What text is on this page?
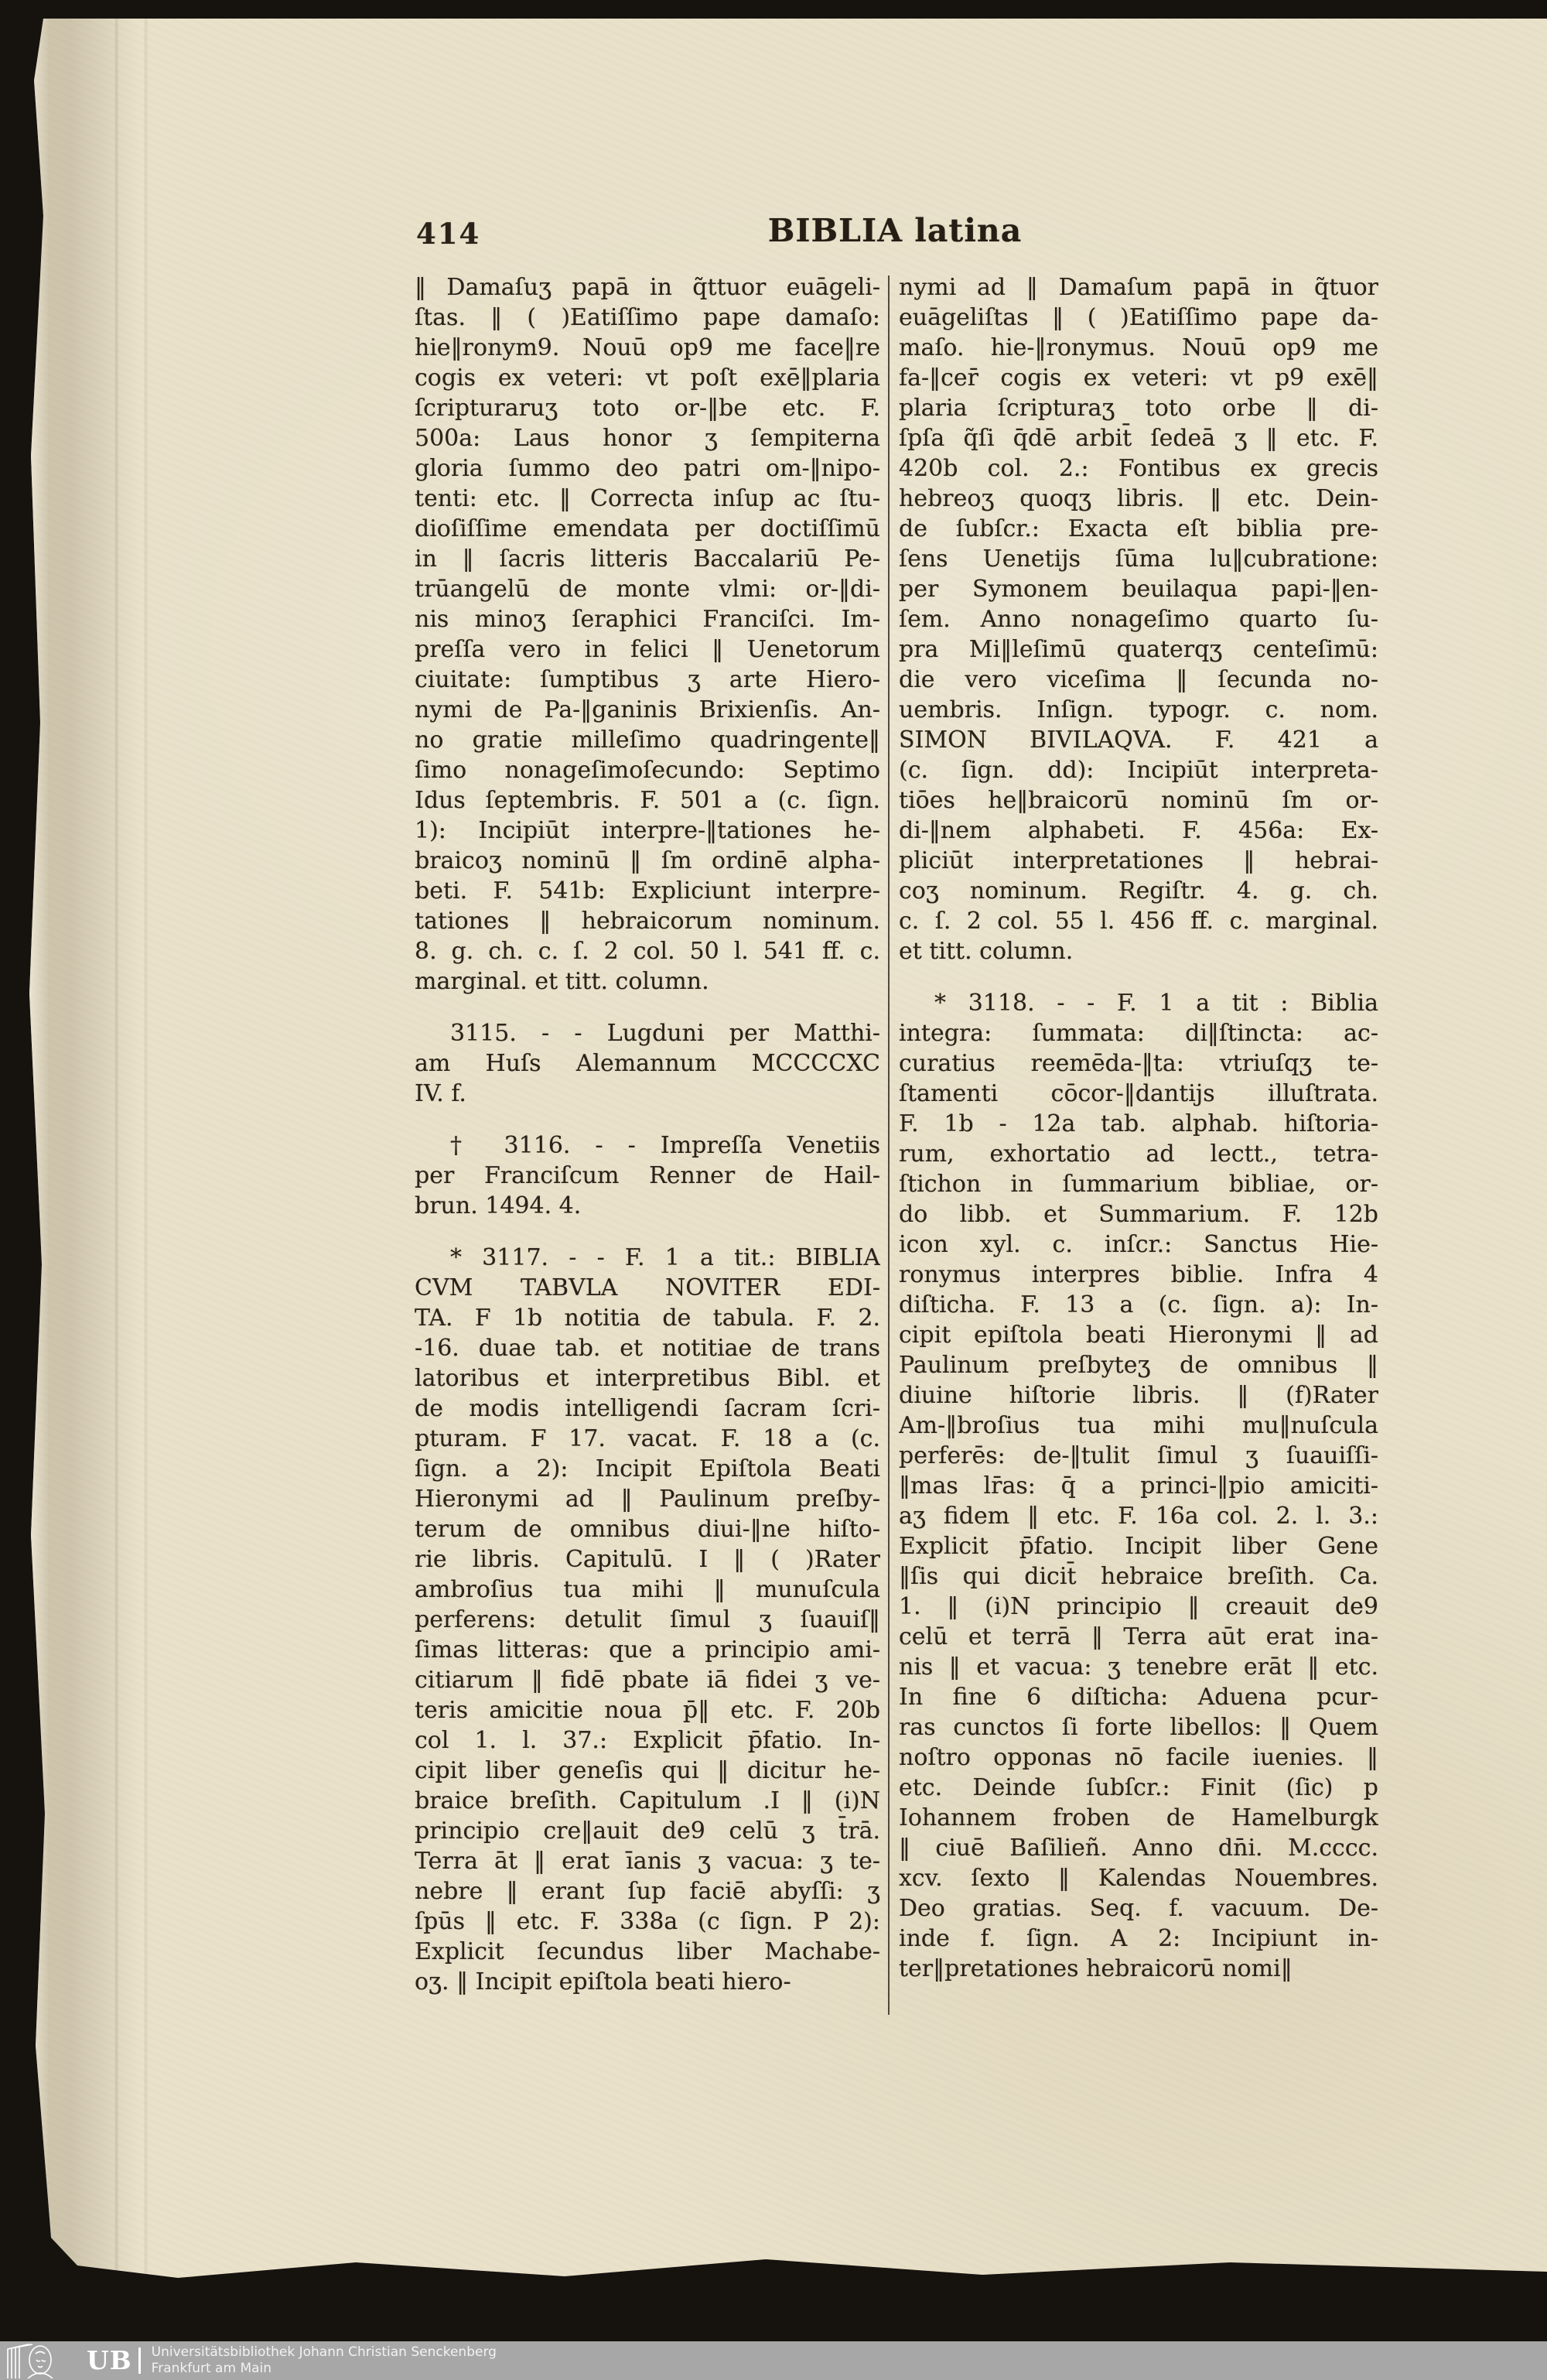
414	BIBLIA latina
‖ Damaſuʒ papā in q̃ttuor euāgeli-
ſtas. ‖ ( )Eatiſſimo pape damaſo:
hie‖ronym9. Nouū op9 me face‖re
cogis ex veteri: vt poſt exē‖plaria
ſcripturaruʒ toto or-‖be etc. F.
500a: Laus honor ʒ ſempiterna
gloria ſummo deo patri om-‖nipo-
tenti: etc. ‖ Correcta inſup ac ſtu-
dioſiſſime emendata per doctiſſimū
in ‖ ſacris litteris Baccalariū Pe-
trūangelū de monte vlmi: or-‖di-
nis minoʒ ſeraphici Franciſci. Im-
preſſa vero in felici ‖ Uenetorum
ciuitate: ſumptibus ʒ arte Hiero-
nymi de Pa-‖ganinis Brixienſis. An-
no gratie milleſimo quadringente‖
ſimo nonageſimoſecundo: Septimo
Idus ſeptembris. F. 501 a (c. ſign.
1): Incipiūt interpre-‖tationes he-
braicoʒ nominū ‖ ſm ordinē alpha-
beti. F. 541b: Expliciunt interpre-
tationes ‖ hebraicorum nominum.
8. g. ch. c. ſ. 2 col. 50 l. 541 ff. c.
marginal. et titt. column.
3115. - - Lugduni per Matthi-
am Huſs Alemannum MCCCCXC
IV. f.
† 3116. - - Impreſſa Venetiis
per Franciſcum Renner de Hail-
brun. 1494. 4.
* 3117. - - F. 1 a tit.: BIBLIA
CVM TABVLA NOVITER EDI-
TA. F 1b notitia de tabula. F. 2.
-16. duae tab. et notitiae de trans
latoribus et interpretibus Bibl. et
de modis intelligendi ſacram ſcri-
pturam. F 17. vacat. F. 18 a (c.
ſign. a 2): Incipit Epiſtola Beati
Hieronymi ad ‖ Paulinum preſby-
terum de omnibus diui-‖ne hiſto-
rie libris. Capitulū. I ‖ ( )Rater
ambroſius tua mihi ‖ munuſcula
perferens: detulit ſimul ʒ ſuauiſ‖
ſimas litteras: que a principio ami-
citiarum ‖ fidē pbate iā fidei ʒ ve-
teris amicitie noua p̄‖ etc. F. 20b
col 1. l. 37.: Explicit p̄fatio. In-
cipit liber geneſis qui ‖ dicitur he-
braice breſith. Capitulum .I ‖ (i)N
principio cre‖auit de9 celū ʒ t̄rā.
Terra āt ‖ erat īanis ʒ vacua: ʒ te-
nebre ‖ erant ſup faciē abyſſi: ʒ
ſpūs ‖ etc. F. 338a (c ſign. P 2):
Explicit ſecundus liber Machabe-
oʒ. ‖ Incipit epiſtola beati hiero-
nymi ad ‖ Damaſum papā in q̃tuor
euāgeliſtas ‖ ( )Eatiſſimo pape da-
maſo. hie-‖ronymus. Nouū op9 me
fa-‖cer̄ cogis ex veteri: vt p9 exē‖
plaria ſcripturaʒ toto orbe ‖ di-
ſpſa q̃ſi q̄dē arbit̄ ſedeā ʒ ‖ etc. F.
420b col. 2.: Fontibus ex grecis
hebreoʒ quoqʒ libris. ‖ etc. Dein-
de ſubſcr.: Exacta eſt biblia pre-
ſens Uenetijs ſūma lu‖cubratione:
per Symonem beuilaqua papi-‖en-
ſem. Anno nonageſimo quarto ſu-
pra Mi‖leſimū quaterqʒ centeſimū:
die vero viceſima ‖ ſecunda no-
uembris. Inſign. typogr. c. nom.
SIMON BIVILAQVA. F. 421 a
(c. ſign. dd): Incipiūt interpreta-
tiōes he‖braicorū nominū ſm or-
di-‖nem alphabeti. F. 456a: Ex-
pliciūt interpretationes ‖ hebrai-
coʒ nominum. Regiſtr. 4. g. ch.
c. ſ. 2 col. 55 l. 456 ff. c. marginal.
et titt. column.
* 3118. - - F. 1 a tit : Biblia
integra: ſummata: di‖ſtincta: ac-
curatius reemēda-‖ta: vtriuſqʒ te-
ſtamenti cōcor-‖dantijs illuſtrata.
F. 1b - 12a tab. alphab. hiſtoria-
rum, exhortatio ad lectt., tetra-
ſtichon in ſummarium bibliae, or-
do libb. et Summarium. F. 12b
icon xyl. c. inſcr.: Sanctus Hie-
ronymus interpres biblie. Infra 4
diſticha. F. 13 a (c. ſign. a): In-
cipit epiſtola beati Hieronymi ‖ ad
Paulinum preſbyteʒ de omnibus ‖
diuine hiſtorie libris. ‖ (f)Rater
Am-‖broſius tua mihi mu‖nuſcula
perferēs: de-‖tulit ſimul ʒ ſuauiſſi-
‖mas lr̄as: q̄ a princi-‖pio amiciti-
aʒ fidem ‖ etc. F. 16a col. 2. l. 3.:
Explicit p̄fatio. Incipit liber Gene
‖ſis qui dicit̄ hebraice breſith. Ca.
1. ‖ (i)N principio ‖ creauit de9
celū et terrā ‖ Terra aūt erat ina-
nis ‖ et vacua: ʒ tenebre erāt ‖ etc.
In fine 6 diſticha: Aduena pcur-
ras cunctos ſi forte libellos: ‖ Quem
noſtro opponas nō facile iuenies. ‖
etc. Deinde ſubſcr.: Finit (ſic) p
Iohannem froben de Hamelburgk
‖ ciuē Baſilieñ. Anno dn̄i. M.cccc.
xcv. ſexto ‖ Kalendas Nouembres.
Deo gratias. Seq. f. vacuum. De-
inde f. ſign. A 2: Incipiunt in-
ter‖pretationes hebraicorū nomi‖
UB Universitätsbibliothek Johann Christian Senckenberg
Frankfurt am Main
